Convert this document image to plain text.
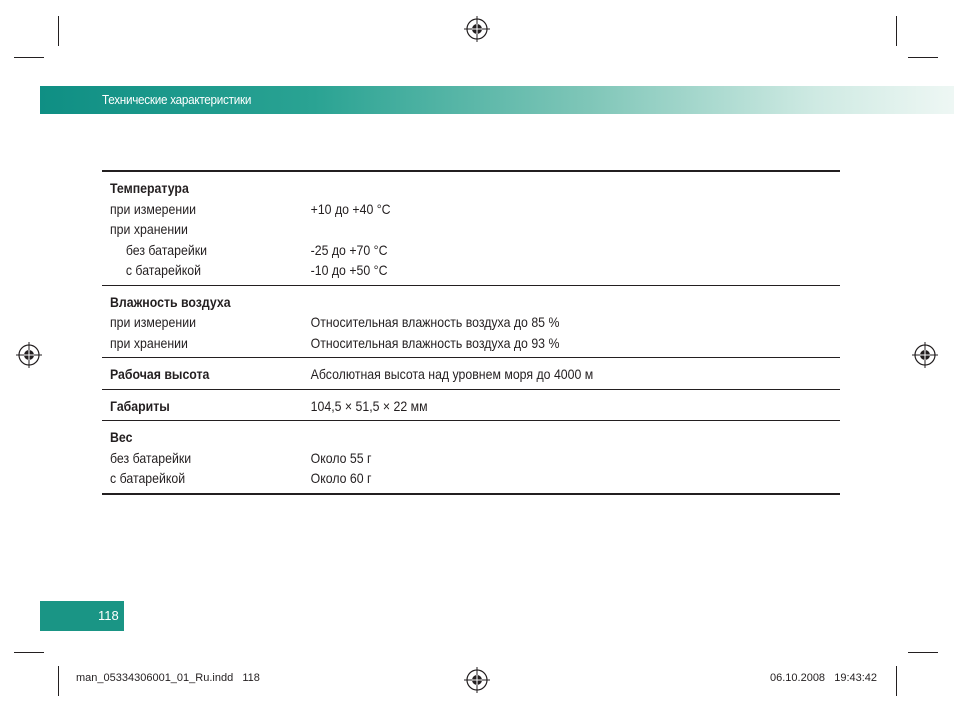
Технические характеристики
Температура
при измерении	+10 до +40 °C
при хранении
без батарейки	-25 до +70 °C
с батарейкой	-10 до +50 °C
Влажность воздуха
при измерении	Относительная влажность воздуха до 85 %
при хранении	Относительная влажность воздуха до 93 %
Рабочая высота	Абсолютная высота над уровнем моря до 4000 м
Габариты	104,5 × 51,5 × 22 мм
Вес
без батарейки	Около 55 г
с батарейкой	Около 60 г
118
man_05334306001_01_Ru.indd   118	06.10.2008   19:43:42
